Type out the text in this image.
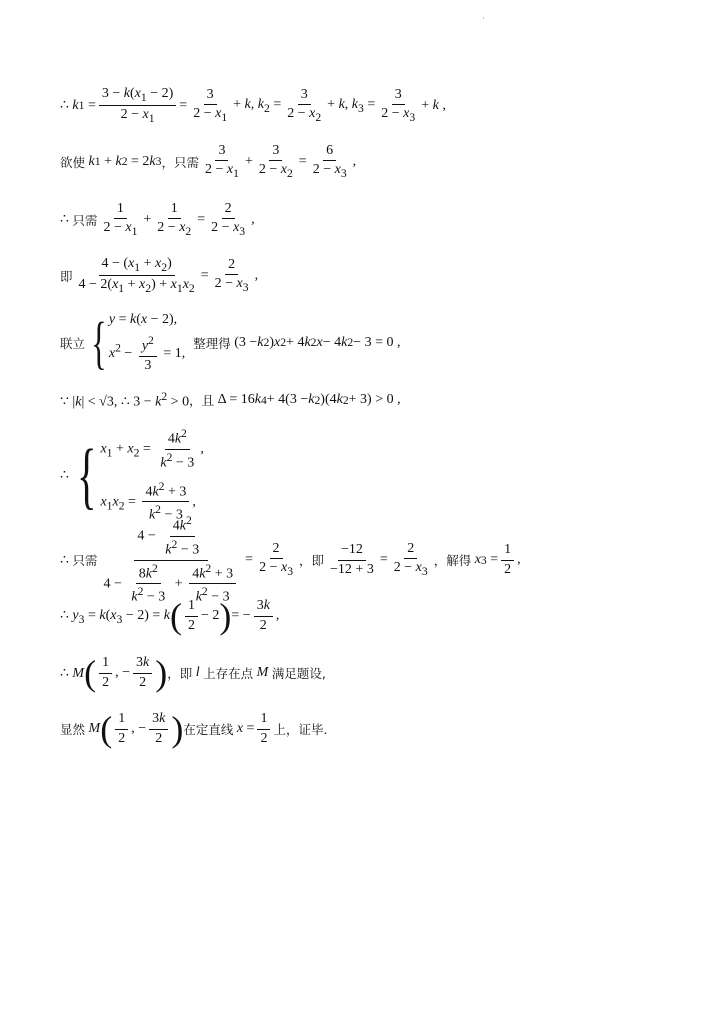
·
∴ k $1 = \frac{3 - k(x_1 - 2)}{2 - x_1} = \frac{3}{2 - x_1} + k$, $k_2 = \frac{3}{2 - x_2} + k$, $k_3 = \frac{3}{2 - x_3} + k$ ,
欲使
k 1 + k 2 = 2 k 3 ，只需 $\frac{3}{2 - x_1} + \frac{3}{2 - x_2} = \frac{6}{2 - x_3}$ ,
∴ 只需 $\frac{1}{2 - x_1} + \frac{1}{2 - x_2} = \frac{2}{2 - x_3}$ ,
即 $\frac{4 - (x_1 + x_2)}{4 - 2(x_1 + x_2) + x_1x_2} = \frac{2}{2 - x_3}$ ,
联立 { y = k(x − 2),
$x^2 - \frac{y^2}{3} = 1$,
整理得 (3 − k 2 ) x 2 + 4 k 2 x − 4 k 2 − 3 = 0 ,
∵ |k| < √3, ∴ $3 - k^2 > 0$ ，且 Δ = 16 k 4 + 4(3 − k 2 )(4 k 2 + 3) > 0 ,
∴ { $x_1 + x_2 = \frac{4k^2}{k^2 - 3}$ ,
$x_1x_2 = \frac{4k^2 + 3}{k^2 - 3}$ ,
∴ 只需 $\frac{4 - \frac{4k^2}{k^2 - 3}}{4 - \frac{8k^2}{k^2 - 3} + \frac{4k^2 + 3}{k^2 - 3}} = \frac{2}{2 - x_3}$ ，即 $\frac{-12}{-12 + 3} = \frac{2}{2 - x_3}$ ，解得
x $3 = \frac{1}{2}$ ,
∴ $y_3 = k(x_3 - 2) = k$ ( $\frac{1}{2} - 2$ ) = − $\frac{3k}{2}$ ,
∴ M ( $\frac{1}{2}$ , − $\frac{3k}{2}$ ) ，即
l
上存在点
M
满足题设,
显然
M ( $\frac{1}{2}$ , − $\frac{3k}{2}$ ) 在定直线
$x = \frac{1}{2}$ 上，证毕.
